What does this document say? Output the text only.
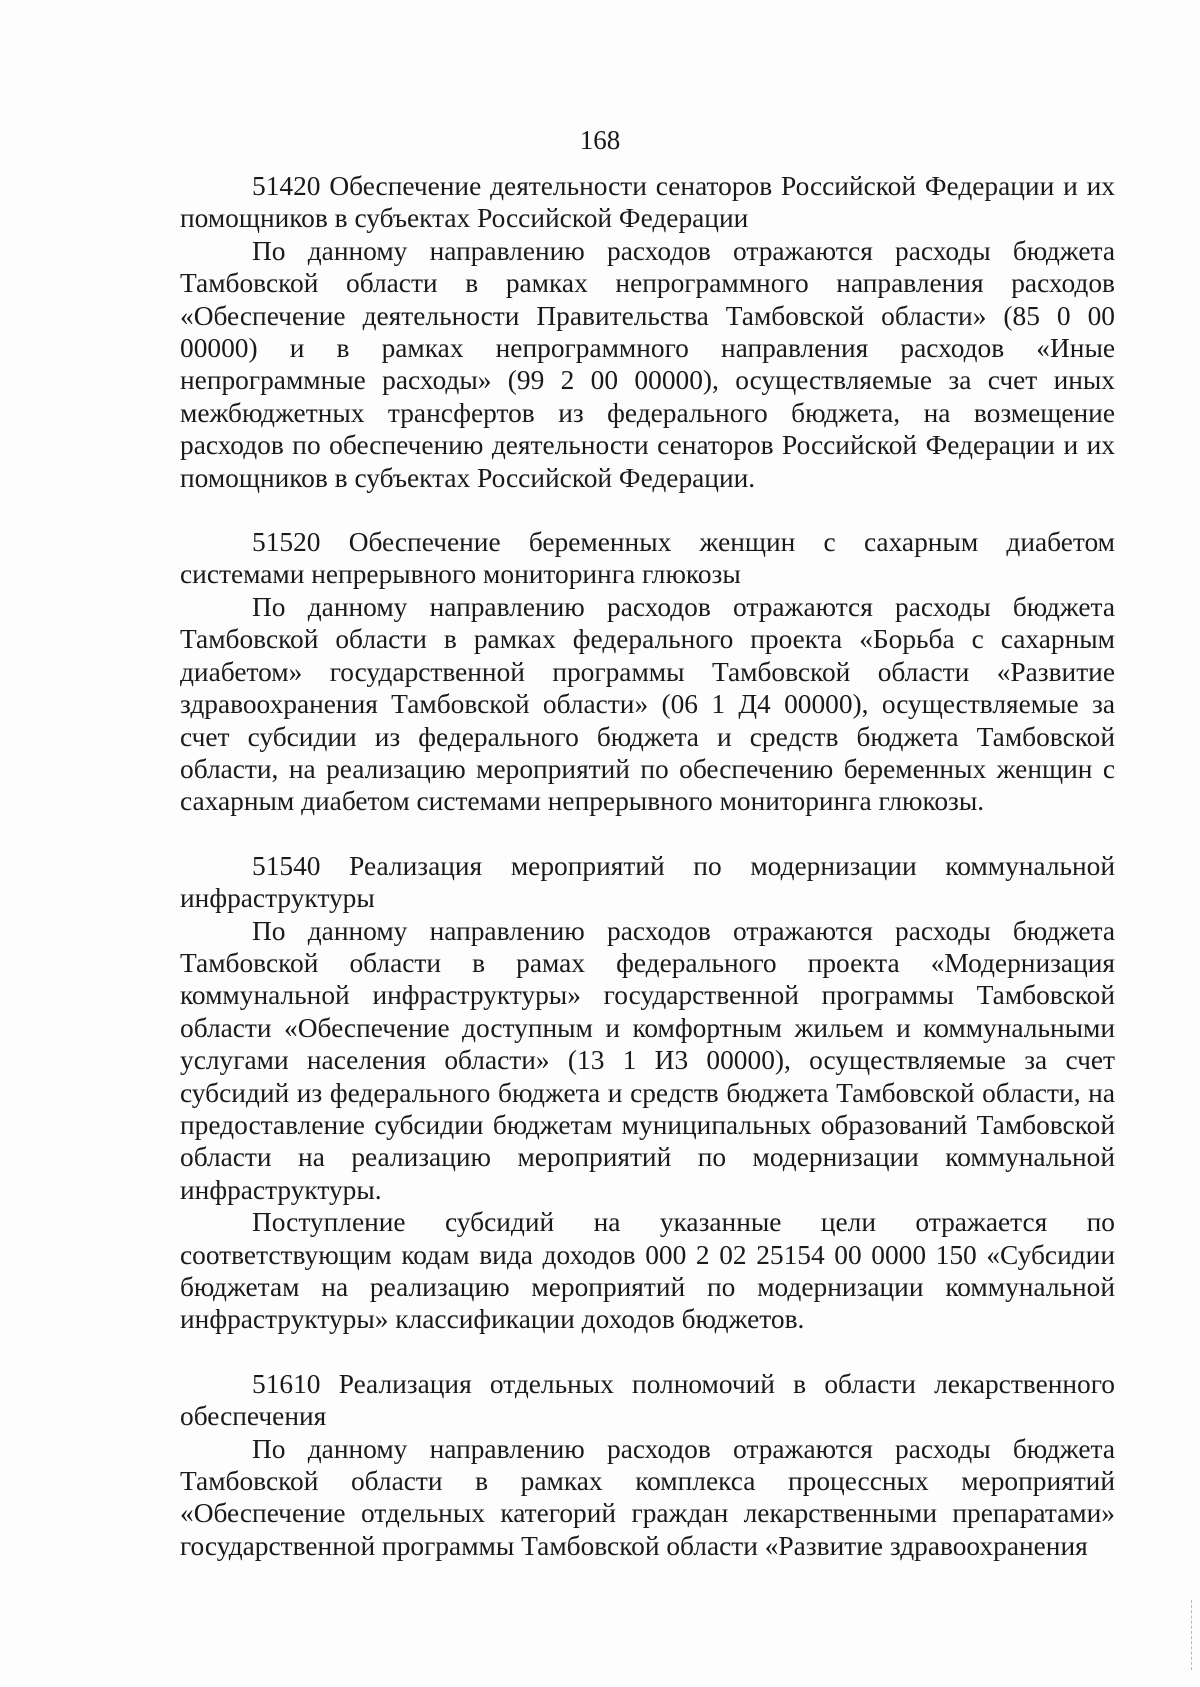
168

51420 Обеспечение деятельности сенаторов Российской Федерации и их помощников в субъектах Российской Федерации

По данному направлению расходов отражаются расходы бюджета Тамбовской области в рамках непрограммного направления расходов «Обеспечение деятельности Правительства Тамбовской области» (85 0 00 00000) и в рамках непрограммного направления расходов «Иные непрограммные расходы» (99 2 00 00000), осуществляемые за счет иных межбюджетных трансфертов из федерального бюджета, на возмещение расходов по обеспечению деятельности сенаторов Российской Федерации и их помощников в субъектах Российской Федерации.

51520 Обеспечение беременных женщин с сахарным диабетом системами непрерывного мониторинга глюкозы

По данному направлению расходов отражаются расходы бюджета Тамбовской области в рамках федерального проекта «Борьба с сахарным диабетом» государственной программы Тамбовской области «Развитие здравоохранения Тамбовской области» (06 1 Д4 00000), осуществляемые за счет субсидии из федерального бюджета и средств бюджета Тамбовской области, на реализацию мероприятий по обеспечению беременных женщин с сахарным диабетом системами непрерывного мониторинга глюкозы.

51540 Реализация мероприятий по модернизации коммунальной инфраструктуры

По данному направлению расходов отражаются расходы бюджета Тамбовской области в рамах федерального проекта «Модернизация коммунальной инфраструктуры» государственной программы Тамбовской области «Обеспечение доступным и комфортным жильем и коммунальными услугами населения области» (13 1 И3 00000), осуществляемые за счет субсидий из федерального бюджета и средств бюджета Тамбовской области, на предоставление субсидии бюджетам муниципальных образований Тамбовской области на реализацию мероприятий по модернизации коммунальной инфраструктуры.

Поступление субсидий на указанные цели отражается по соответствующим кодам вида доходов 000 2 02 25154 00 0000 150 «Субсидии бюджетам на реализацию мероприятий по модернизации коммунальной инфраструктуры» классификации доходов бюджетов.

51610 Реализация отдельных полномочий в области лекарственного обеспечения

По данному направлению расходов отражаются расходы бюджета Тамбовской области в рамках комплекса процессных мероприятий «Обеспечение отдельных категорий граждан лекарственными препаратами» государственной программы Тамбовской области «Развитие здравоохранения
